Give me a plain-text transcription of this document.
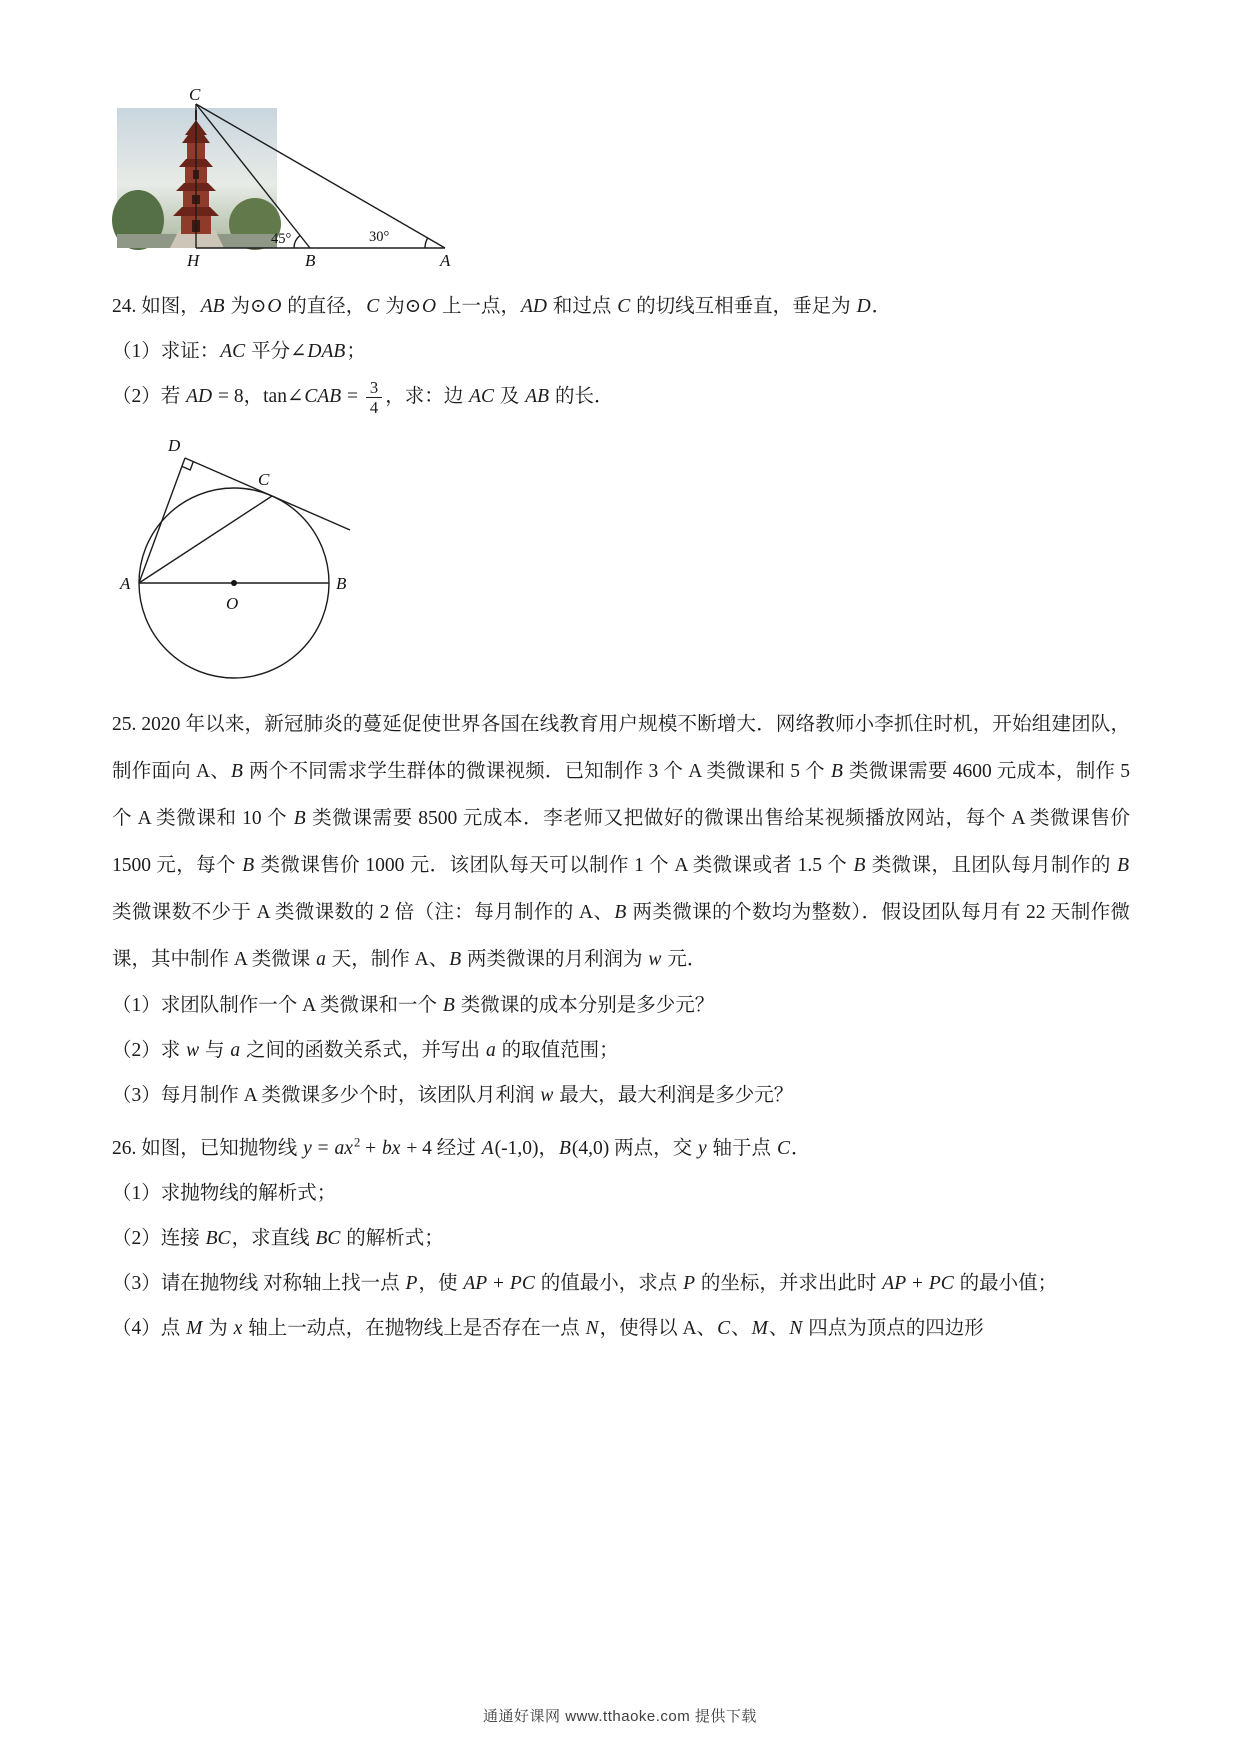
C
H	B	A
45°	30°

24. 如图，AB 为⊙O 的直径，C 为⊙O 上一点，AD 和过点 C 的切线互相垂直，垂足为 D．

（1）求证：AC 平分∠DAB；

（2）若 AD = 8，tan∠CAB = $\frac{3}{4}$ ，求：边 AC 及 AB 的长．

D
C
A	B
O

25. 2020 年以来，新冠肺炎的蔓延促使世界各国在线教育用户规模不断增大．网络教师小李抓住时机，开始组建团队，制作面向 A、B 两个不同需求学生群体的微课视频．已知制作 3 个 A 类微课和 5 个 B 类微课需要 4600 元成本，制作 5 个 A 类微课和 10 个 B 类微课需要 8500 元成本．李老师又把做好的微课出售给某视频播放网站，每个 A 类微课售价 1500 元，每个 B 类微课售价 1000 元．该团队每天可以制作 1 个 A 类微课或者 1.5 个 B 类微课，且团队每月制作的 B 类微课数不少于 A 类微课数的 2 倍（注：每月制作的 A、B 两类微课的个数均为整数）．假设团队每月有 22 天制作微课，其中制作 A 类微课 a 天，制作 A、B 两类微课的月利润为 w 元．

（1）求团队制作一个 A 类微课和一个 B 类微课的成本分别是多少元？

（2）求 w 与 a 之间的函数关系式，并写出 a 的取值范围；

（3）每月制作 A 类微课多少个时，该团队月利润 w 最大，最大利润是多少元？

26. 如图，已知抛物线 $y = ax^2$ + bx + 4 经过 A(-1,0)，B(4,0) 两点，交 y 轴于点 C．

（1）求抛物线的解析式；

（2）连接 BC，求直线 BC 的解析式；

（3）请在抛物线 对称轴上找一点 P，使 AP + PC 的值最小，求点 P 的坐标，并求出此时 AP + PC 的最小值；

（4）点 M 为 x 轴上一动点，在抛物线上是否存在一点 N，使得以 A、C、M、N 四点为顶点的四边形

通通好课网 www.tthaoke.com 提供下载
